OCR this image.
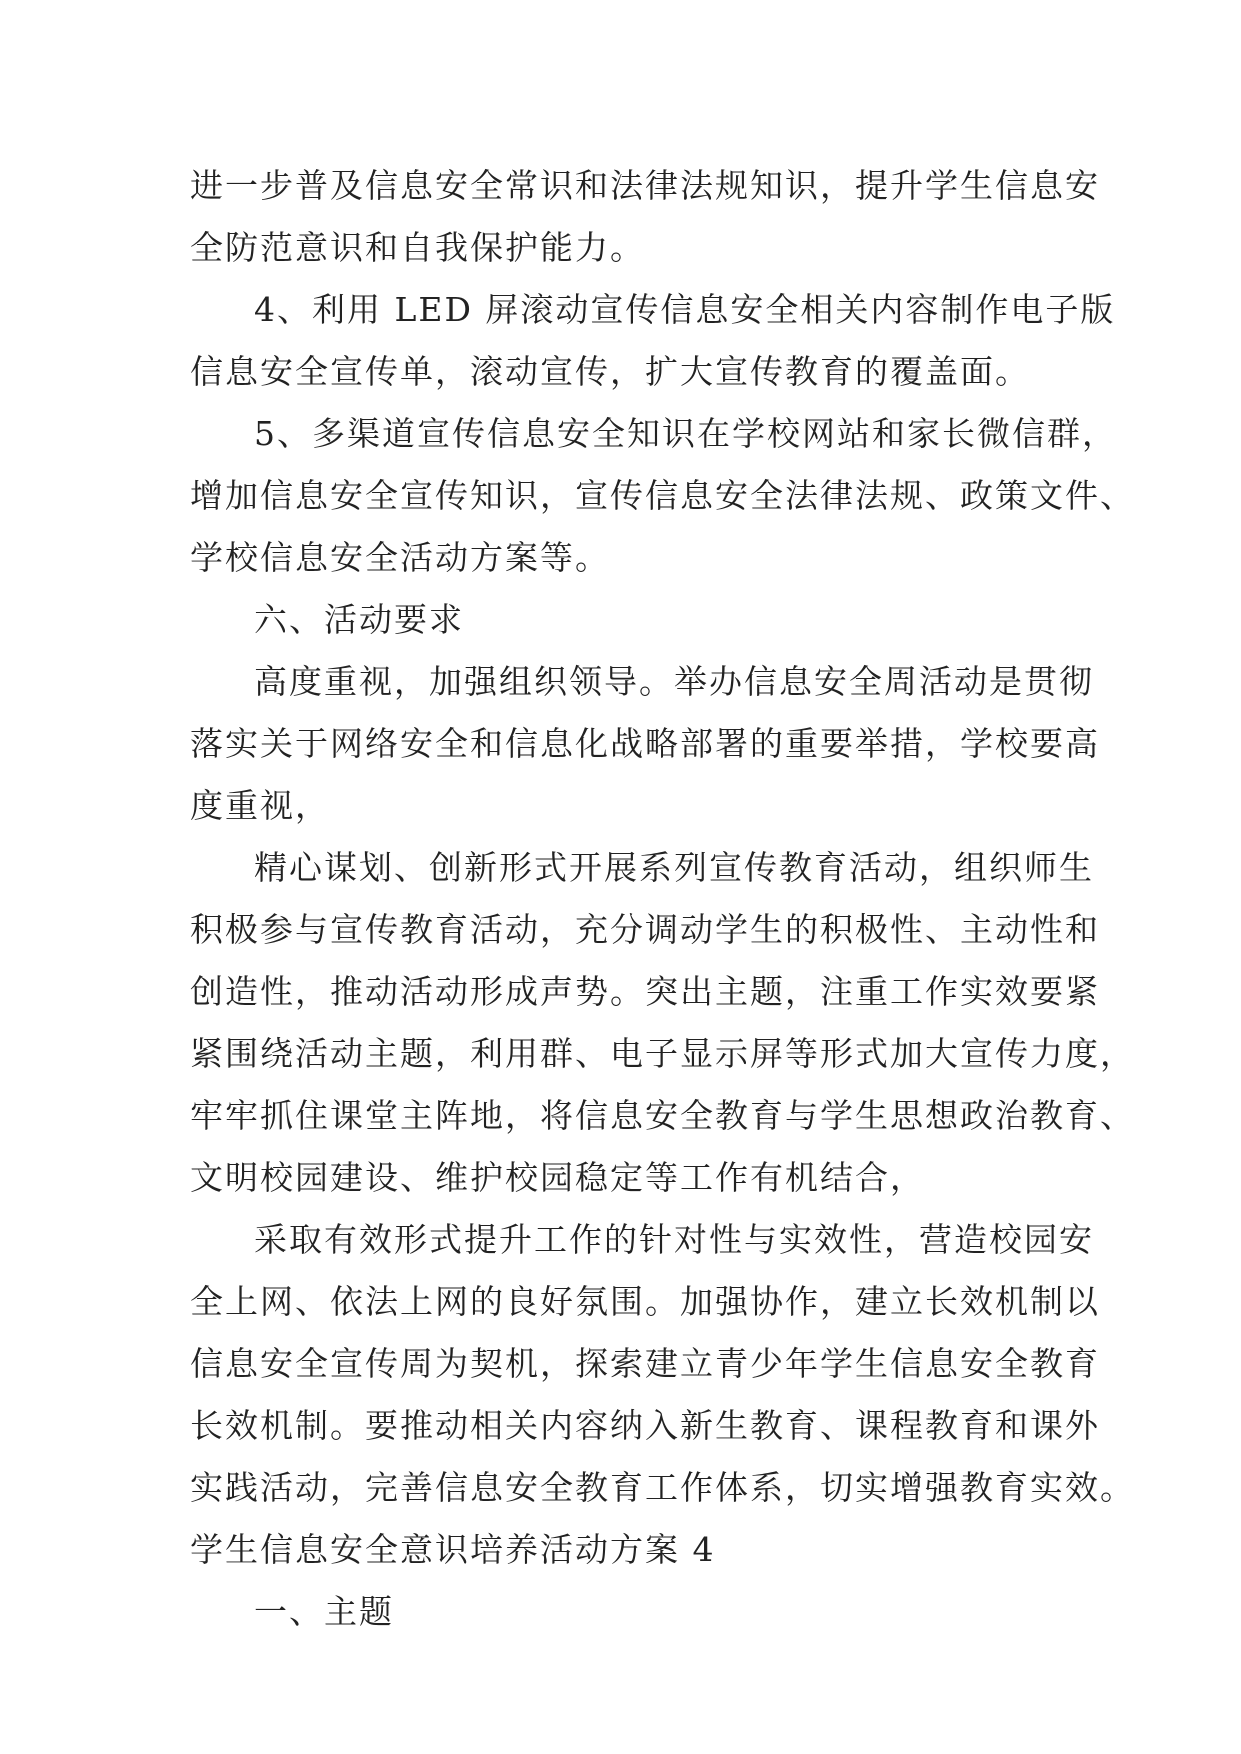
进一步普及信息安全常识和法律法规知识，提升学生信息安
全防范意识和自我保护能力。
4、利用 LED 屏滚动宣传信息安全相关内容制作电子版
信息安全宣传单，滚动宣传，扩大宣传教育的覆盖面。
5、多渠道宣传信息安全知识在学校网站和家长微信群，
增加信息安全宣传知识，宣传信息安全法律法规、政策文件、
学校信息安全活动方案等。
六、活动要求
高度重视，加强组织领导。举办信息安全周活动是贯彻
落实关于网络安全和信息化战略部署的重要举措，学校要高
度重视，
精心谋划、创新形式开展系列宣传教育活动，组织师生
积极参与宣传教育活动，充分调动学生的积极性、主动性和
创造性，推动活动形成声势。突出主题，注重工作实效要紧
紧围绕活动主题，利用群、电子显示屏等形式加大宣传力度，
牢牢抓住课堂主阵地，将信息安全教育与学生思想政治教育、
文明校园建设、维护校园稳定等工作有机结合，
采取有效形式提升工作的针对性与实效性，营造校园安
全上网、依法上网的良好氛围。加强协作，建立长效机制以
信息安全宣传周为契机，探索建立青少年学生信息安全教育
长效机制。要推动相关内容纳入新生教育、课程教育和课外
实践活动，完善信息安全教育工作体系，切实增强教育实效。
学生信息安全意识培养活动方案 4
一、主题
